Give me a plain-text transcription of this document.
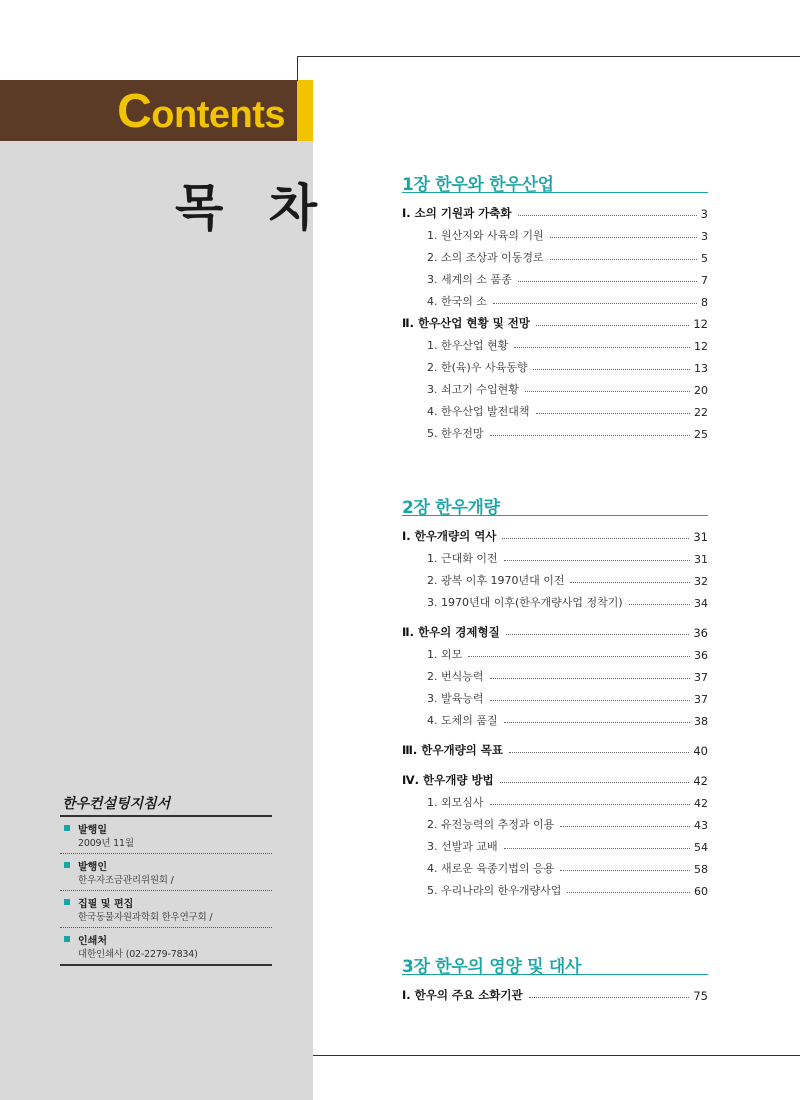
Contents
목 차
한우컨설팅지침서
발행일
2009년 11월
발행인
한우자조금관리위원회 /
집필 및 편집
한국동물자원과학회 한우연구회 /
인쇄처
대한인쇄사 (02-2279-7834)
1장 한우와 한우산업
Ⅰ. 소의 기원과 가축화	3
1. 원산지와 사육의 기원	3
2. 소의 조상과 이동경로	5
3. 세계의 소 품종	7
4. 한국의 소	8
Ⅱ. 한우산업 현황 및 전망	12
1. 한우산업 현황	12
2. 한(육)우 사육동향	13
3. 쇠고기 수입현황	20
4. 한우산업 발전대책	22
5. 한우전망	25
2장 한우개량
Ⅰ. 한우개량의 역사	31
1. 근대화 이전	31
2. 광복 이후 1970년대 이전	32
3. 1970년대 이후(한우개량사업 정착기)	34
Ⅱ. 한우의 경제형질	36
1. 외모	36
2. 번식능력	37
3. 발육능력	37
4. 도체의 품질	38
Ⅲ. 한우개량의 목표	40
Ⅳ. 한우개량 방법	42
1. 외모심사	42
2. 유전능력의 추정과 이용	43
3. 선발과 교배	54
4. 새로운 육종기법의 응용	58
5. 우리나라의 한우개량사업	60
3장 한우의 영양 및 대사
Ⅰ. 한우의 주요 소화기관	75
